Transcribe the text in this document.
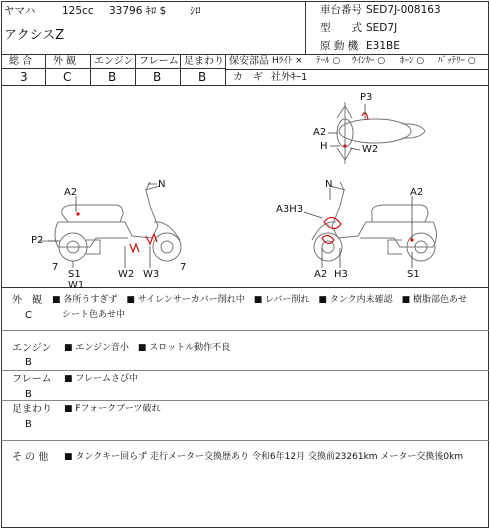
ヤマハ	125cc 33796 ｷﾛ $ ｼﾛ
アクシスZ
車台番号 SED7J-008163
型　　式 SED7J
原 動 機 E31BE
総 合 外 観 エンジン フレーム 足まわり
3	C	B	B	B
保安部品 Hﾗｲﾄ × ﾃｰﾙ ○ ｳｲﾝｶｰ ○ ﾎｰﾝ ○ ﾊﾞｯﾃﾘｰ ○
カ　ギ 社外ｷｰ1
N
A2
P2
7
S1
W1
W2 W3
7
P3
A2
H	W2
N
A2
A3H3
A2 H3	S1
外　観
C
■ 各所うすぎず　■ サイレンサーカバー削れ中　■ レバー削れ　■ タンク内未確認　■ 樹脂部色あせ
シート色あせ中
エンジン
B
■ エンジン音小　■ スロットル動作不良
フレーム
B
■ フレームさび中
足まわり
B
■ Fフォークブーツ破れ
そ の 他 ■ タンクキー回らず 走行メーター交換歴あり 令和6年12月 交換前23261km メーター交換後0km
